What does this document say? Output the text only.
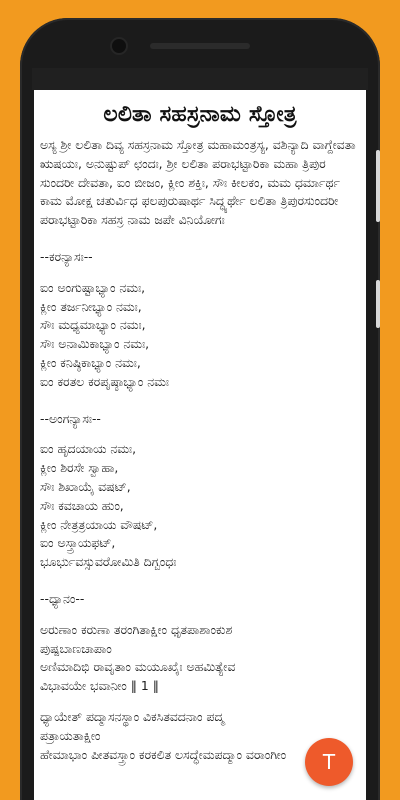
ಲಲಿತಾ ಸಹಸ್ರನಾಮ ಸ್ತೋತ್ರ

ಅಸ್ಯ ಶ್ರೀ ಲಲಿತಾ ದಿವ್ಯ ಸಹಸ್ರನಾಮ ಸ್ತೋತ್ರ ಮಹಾಮಂತ್ರಸ್ಯ, ವಶಿನ್ಯಾದಿ ವಾಗ್ದೇವತಾ ಋಷಯಃ, ಅನುಷ್ಟುಪ್ ಛಂದಃ, ಶ್ರೀ ಲಲಿತಾ ಪರಾಭಟ್ಟಾರಿಕಾ ಮಹಾ ತ್ರಿಪುರ ಸುಂದರೀ ದೇವತಾ, ಐಂ ಬೀಜಂ, ಕ್ಲೀಂ ಶಕ್ತಿಃ, ಸೌಃ ಕೀಲಕಂ, ಮಮ ಧರ್ಮಾರ್ಥ ಕಾಮ ಮೋಕ್ಷ ಚತುರ್ವಿಧ ಫಲಪುರುಷಾರ್ಥ ಸಿದ್ಧ್ಯರ್ಥೇ ಲಲಿತಾ ತ್ರಿಪುರಸುಂದರೀ ಪರಾಭಟ್ಟಾರಿಕಾ ಸಹಸ್ರ ನಾಮ ಜಪೇ ವಿನಿಯೋಗಃ

--ಕರನ್ಯಾಸಃ--
ಐಂ ಅಂಗುಷ್ಟಾಭ್ಯಾಂ ನಮಃ,
ಕ್ಲೀಂ ತರ್ಜನೀಭ್ಯಾಂ ನಮಃ,
ಸೌಃ ಮಧ್ಯಮಾಭ್ಯಾಂ ನಮಃ,
ಸೌಃ ಅನಾಮಿಕಾಭ್ಯಾಂ ನಮಃ,
ಕ್ಲೀಂ ಕನಿಷ್ಠಿಕಾಭ್ಯಾಂ ನಮಃ,
ಐಂ ಕರತಲ ಕರಪೃಷ್ಠಾಭ್ಯಾಂ ನಮಃ
--ಅಂಗನ್ಯಾಸಃ--
ಐಂ ಹೃದಯಾಯ ನಮಃ,
ಕ್ಲೀಂ ಶಿರಸೇ ಸ್ವಾಹಾ,
ಸೌಃ ಶಿಖಾಯೈ ವಷಟ್,
ಸೌಃ ಕವಚಾಯ ಹುಂ,
ಕ್ಲೀಂ ನೇತ್ರತ್ರಯಾಯ ವೌಷಟ್,
ಐಂ ಅಸ್ತ್ರಾಯಫಟ್,
ಭೂರ್ಭುವಸ್ಸುವರೋಮಿತಿ ದಿಗ್ಬಂಧಃ
--ಧ್ಯಾನಂ--
ಅರುಣಾಂ ಕರುಣಾ ತರಂಗಿತಾಕ್ಷೀಂ ಧೃತಪಾಶಾಂಕುಶ
ಪುಷ್ಪಬಾಣಚಾಪಾಂ
ಅಣಿಮಾದಿಭಿ ರಾವೃತಾಂ ಮಯೂಖೈಃ ಅಹಮಿತ್ಯೇವ
ವಿಭಾವಯೇ ಭವಾನೀಂ ‖ 1 ‖
ಧ್ಯಾಯೇತ್ ಪದ್ಮಾಸನಸ್ಥಾಂ ವಿಕಸಿತವದನಾಂ ಪದ್ಮ
ಪತ್ರಾಯತಾಕ್ಷೀಂ
ಹೇಮಾಭಾಂ ಪೀತವಸ್ತ್ರಾಂ ಕರಕಲಿತ ಲಸದ್ಧೇಮಪದ್ಮಾಂ ವರಾಂಗೀಂ	T
